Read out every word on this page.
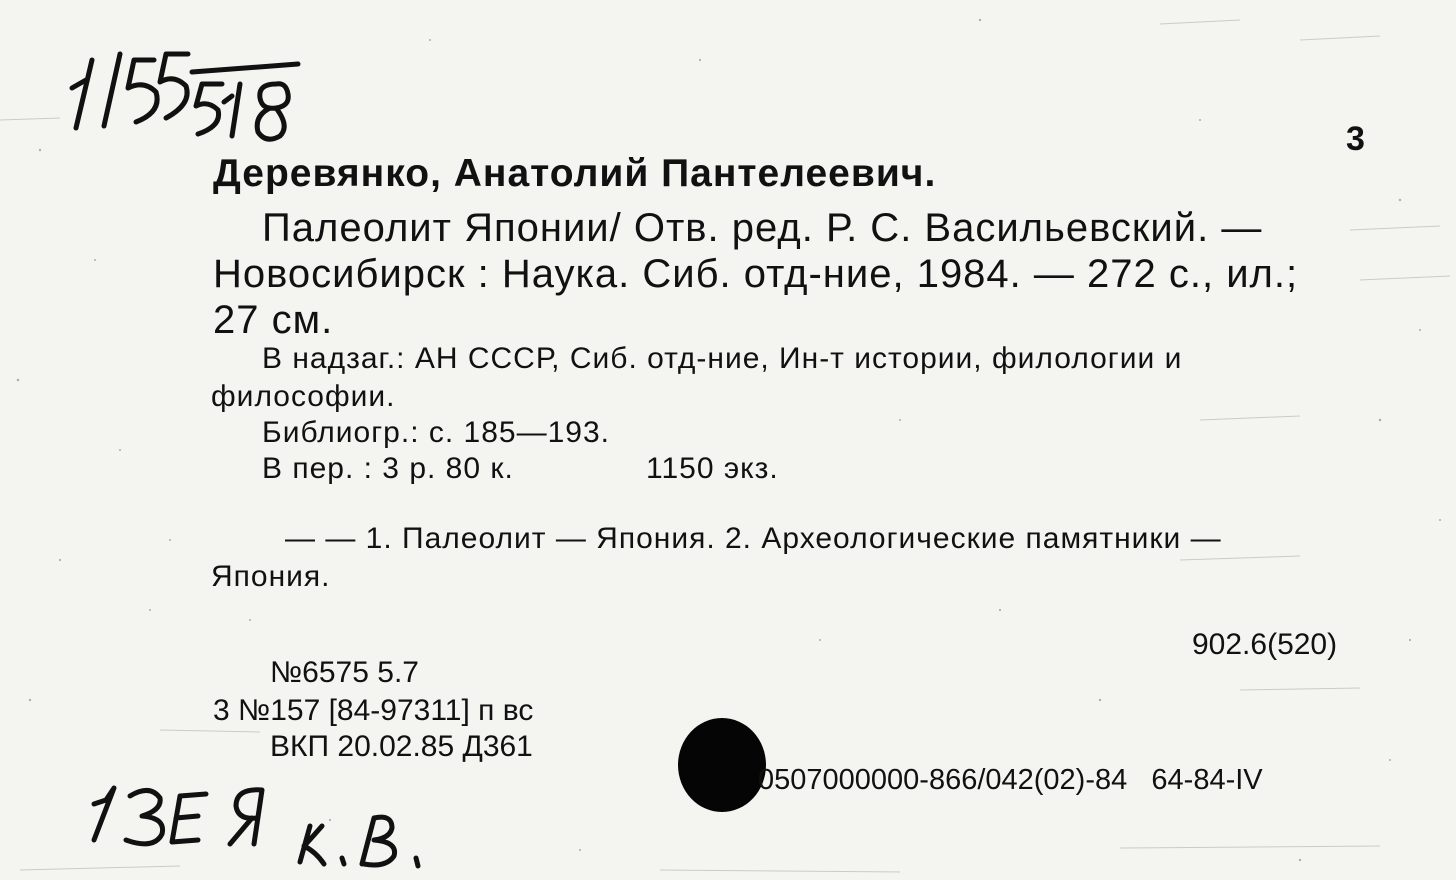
3
Деревянко, Анатолий Пантелеевич.
Палеолит Японии/ Отв. ред. Р. С. Васильевский. —
Новосибирск : Наука. Сиб. отд-ние, 1984. — 272 с., ил.;
27 см.
В надзаг.: АН СССР, Сиб. отд-ние, Ин-т истории, филологии и
философии.
Библиогр.: с. 185—193.
В пер. : 3 р. 80 к.	1150 экз.
— — 1. Палеолит — Япония. 2. Археологические памятники —
Япония.
902.6(520)
№6575 5.7
3 №157 [84-97311] п вс
ВКП 20.02.85 Д361
0507000000-866/042(02)-84   64-84-IV
